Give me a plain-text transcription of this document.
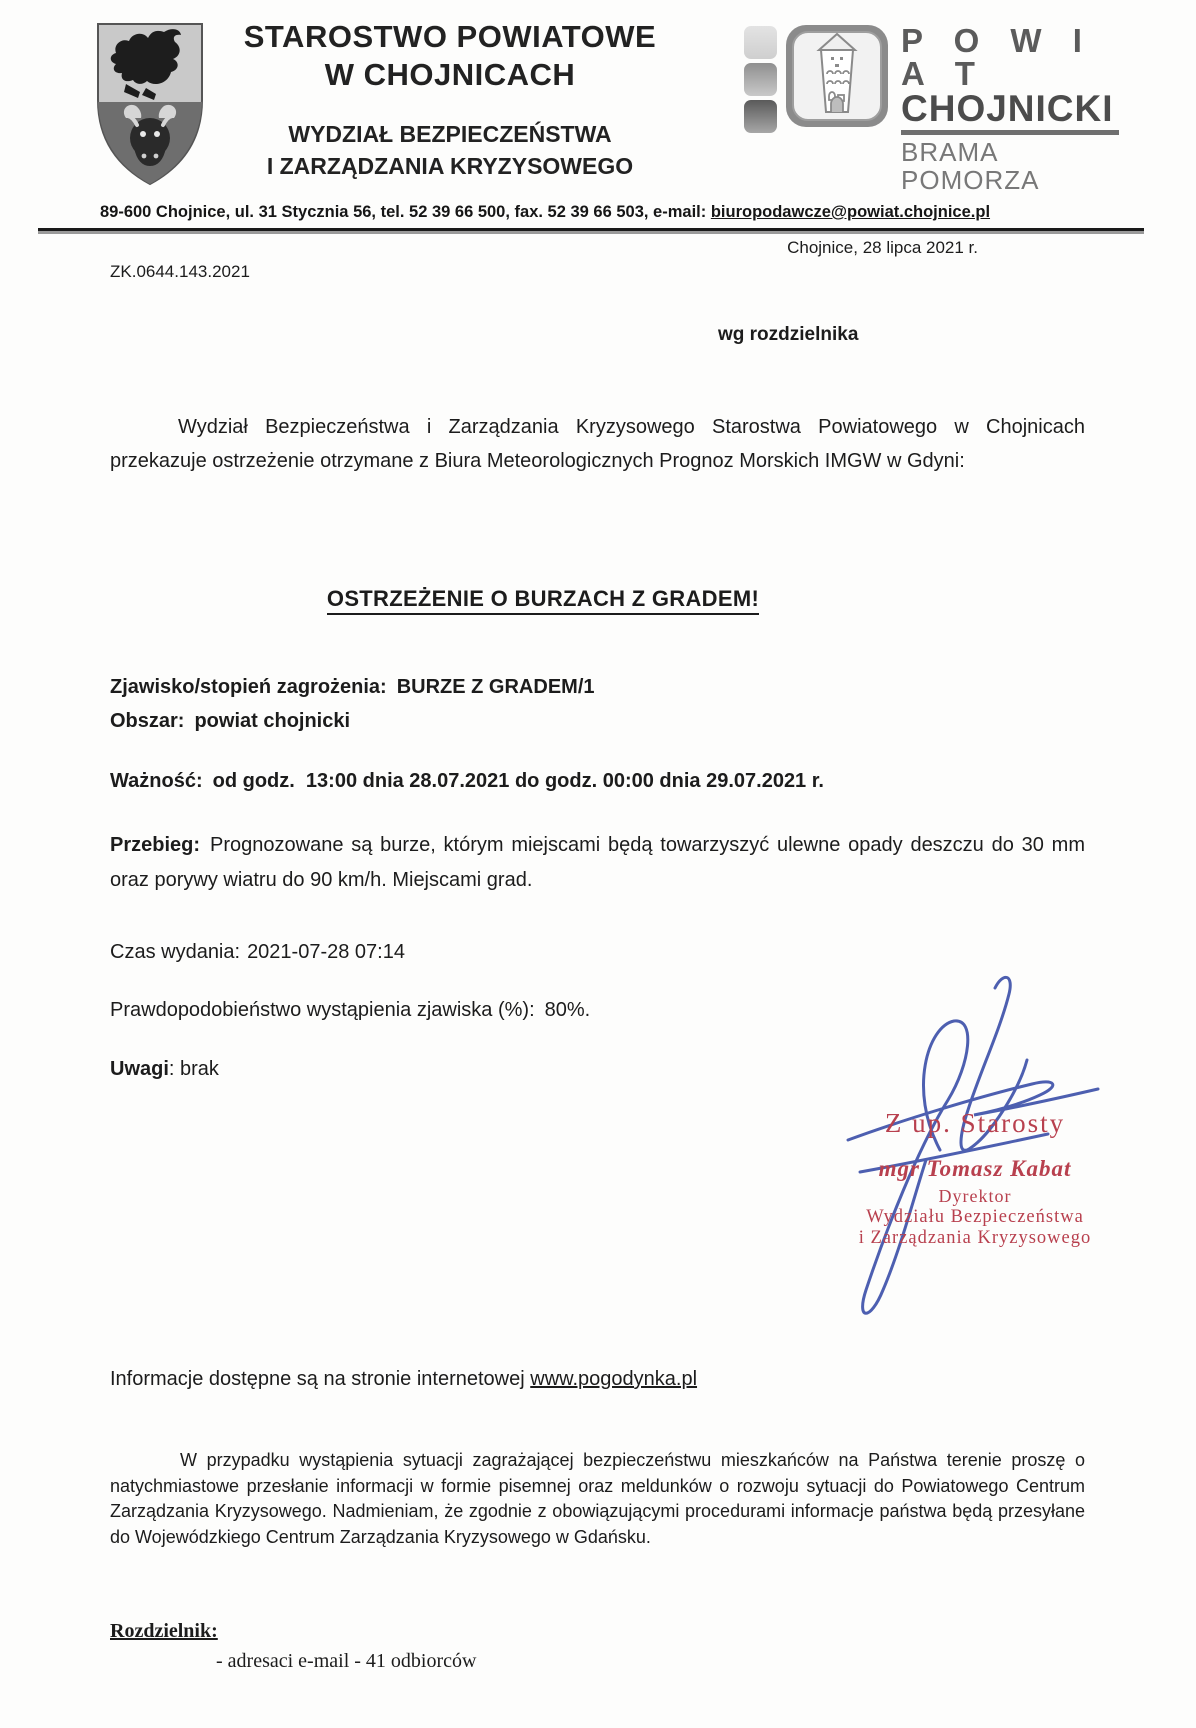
STAROSTWO POWIATOWE
W CHOJNICACH
WYDZIAŁ BEZPIECZEŃSTWA
I ZARZĄDZANIA KRYZYSOWEGO
P O W I A T
CHOJNICKI
BRAMA POMORZA
89-600 Chojnice, ul. 31 Stycznia 56, tel. 52 39 66 500, fax. 52 39 66 503, e-mail: biuropodawcze@powiat.chojnice.pl
Chojnice, 28 lipca 2021 r.
ZK.0644.143.2021
wg rozdzielnika

Wydział Bezpieczeństwa i Zarządzania Kryzysowego Starostwa Powiatowego w Chojnicach przekazuje ostrzeżenie otrzymane z Biura Meteorologicznych Prognoz Morskich IMGW w Gdyni:

OSTRZEŻENIE O BURZACH Z GRADEM!
Zjawisko/stopień zagrożenia: BURZE Z GRADEM/1
Obszar: powiat chojnicki
Ważność: od godz.  13:00 dnia 28.07.2021 do godz. 00:00 dnia 29.07.2021 r.
Przebieg: Prognozowane są burze, którym miejscami będą towarzyszyć ulewne opady deszczu do 30 mm oraz porywy wiatru do 90 km/h. Miejscami grad.
Czas wydania: 2021-07-28 07:14
Prawdopodobieństwo wystąpienia zjawiska (%): 80%.
Uwagi: brak
Z up. Starosty
mgr Tomasz Kabat
Dyrektor
Wydziału Bezpieczeństwa
i Zarządzania Kryzysowego
Informacje dostępne są na stronie internetowej www.pogodynka.pl

W przypadku wystąpienia sytuacji zagrażającej bezpieczeństwu mieszkańców na Państwa terenie proszę o natychmiastowe przesłanie informacji w formie pisemnej oraz meldunków o rozwoju sytuacji do Powiatowego Centrum Zarządzania Kryzysowego. Nadmieniam, że zgodnie z obowiązującymi procedurami informacje państwa będą przesyłane do Wojewódzkiego Centrum Zarządzania Kryzysowego w Gdańsku.

Rozdzielnik:
- adresaci e-mail - 41 odbiorców
